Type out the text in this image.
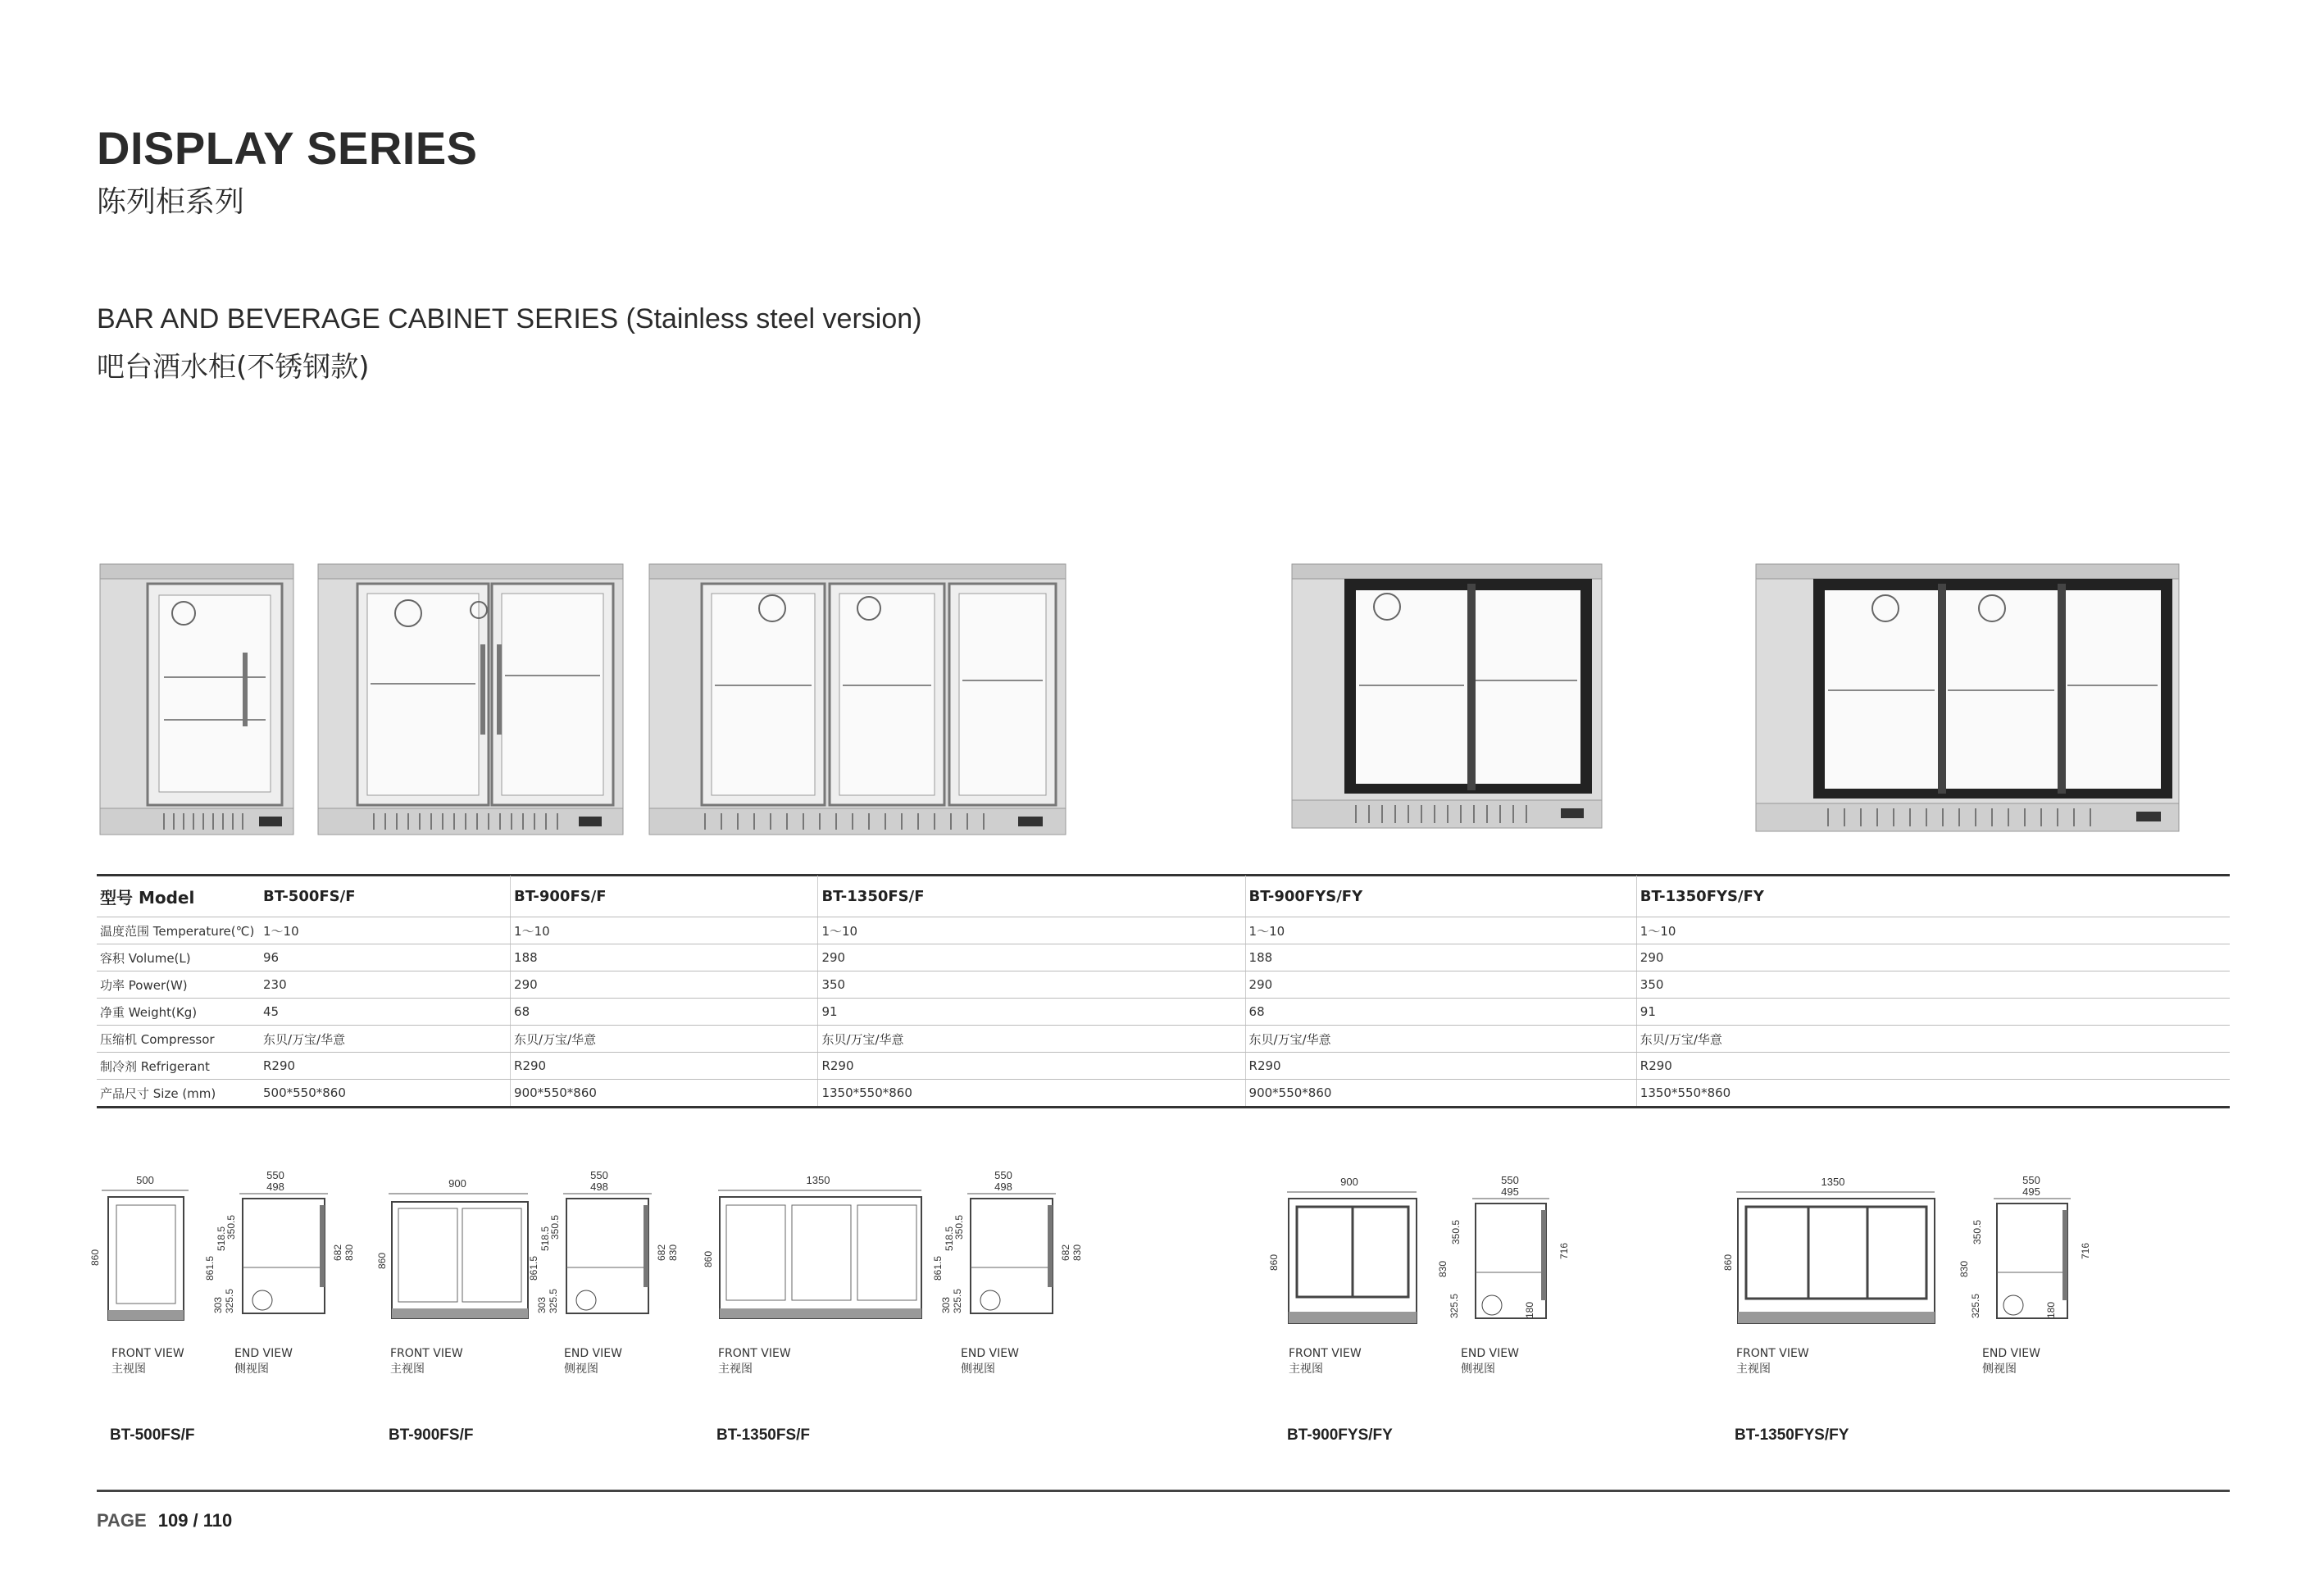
DISPLAY SERIES
陈列柜系列
BAR AND BEVERAGE CABINET SERIES (Stainless steel version)
吧台酒水柜(不锈钢款)
型号 Model	BT-500FS/F	BT-900FS/F	BT-1350FS/F	BT-900FYS/FY	BT-1350FYS/FY
温度范围 Temperature(℃)	1～10	1～10	1～10	1～10	1～10
容积 Volume(L)	96	188	290	188	290
功率 Power(W)	230	290	350	290	350
净重 Weight(Kg)	45	68	91	68	91
压缩机 Compressor	东贝/万宝/华意	东贝/万宝/华意	东贝/万宝/华意	东贝/万宝/华意	东贝/万宝/华意
制冷剂 Refrigerant	R290	R290	R290	R290	R290
产品尺寸 Size (mm)	500*550*860	900*550*860	1350*550*860	900*550*860	1350*550*860
500
860
550
498
682 830
861.5
518.5
350.5
303 325.5
900
860
550
498
682 830
861.5
518.5
350.5
303 325.5
1350
860
550
498
682 830
861.5
518.5
350.5
303 325.5
900
860
550
495
716
180
830
350.5
325.5
1350
860
550
495
716
180
830
350.5
325.5
FRONT VIEW
主视图
END VIEW
侧视图
FRONT VIEW
主视图
END VIEW
侧视图
FRONT VIEW
主视图
END VIEW
侧视图
FRONT VIEW
主视图
END VIEW
侧视图
FRONT VIEW
主视图
END VIEW
侧视图
BT-500FS/F	BT-900FS/F	BT-1350FS/F	BT-900FYS/FY	BT-1350FYS/FY
PAGE 109 / 110
